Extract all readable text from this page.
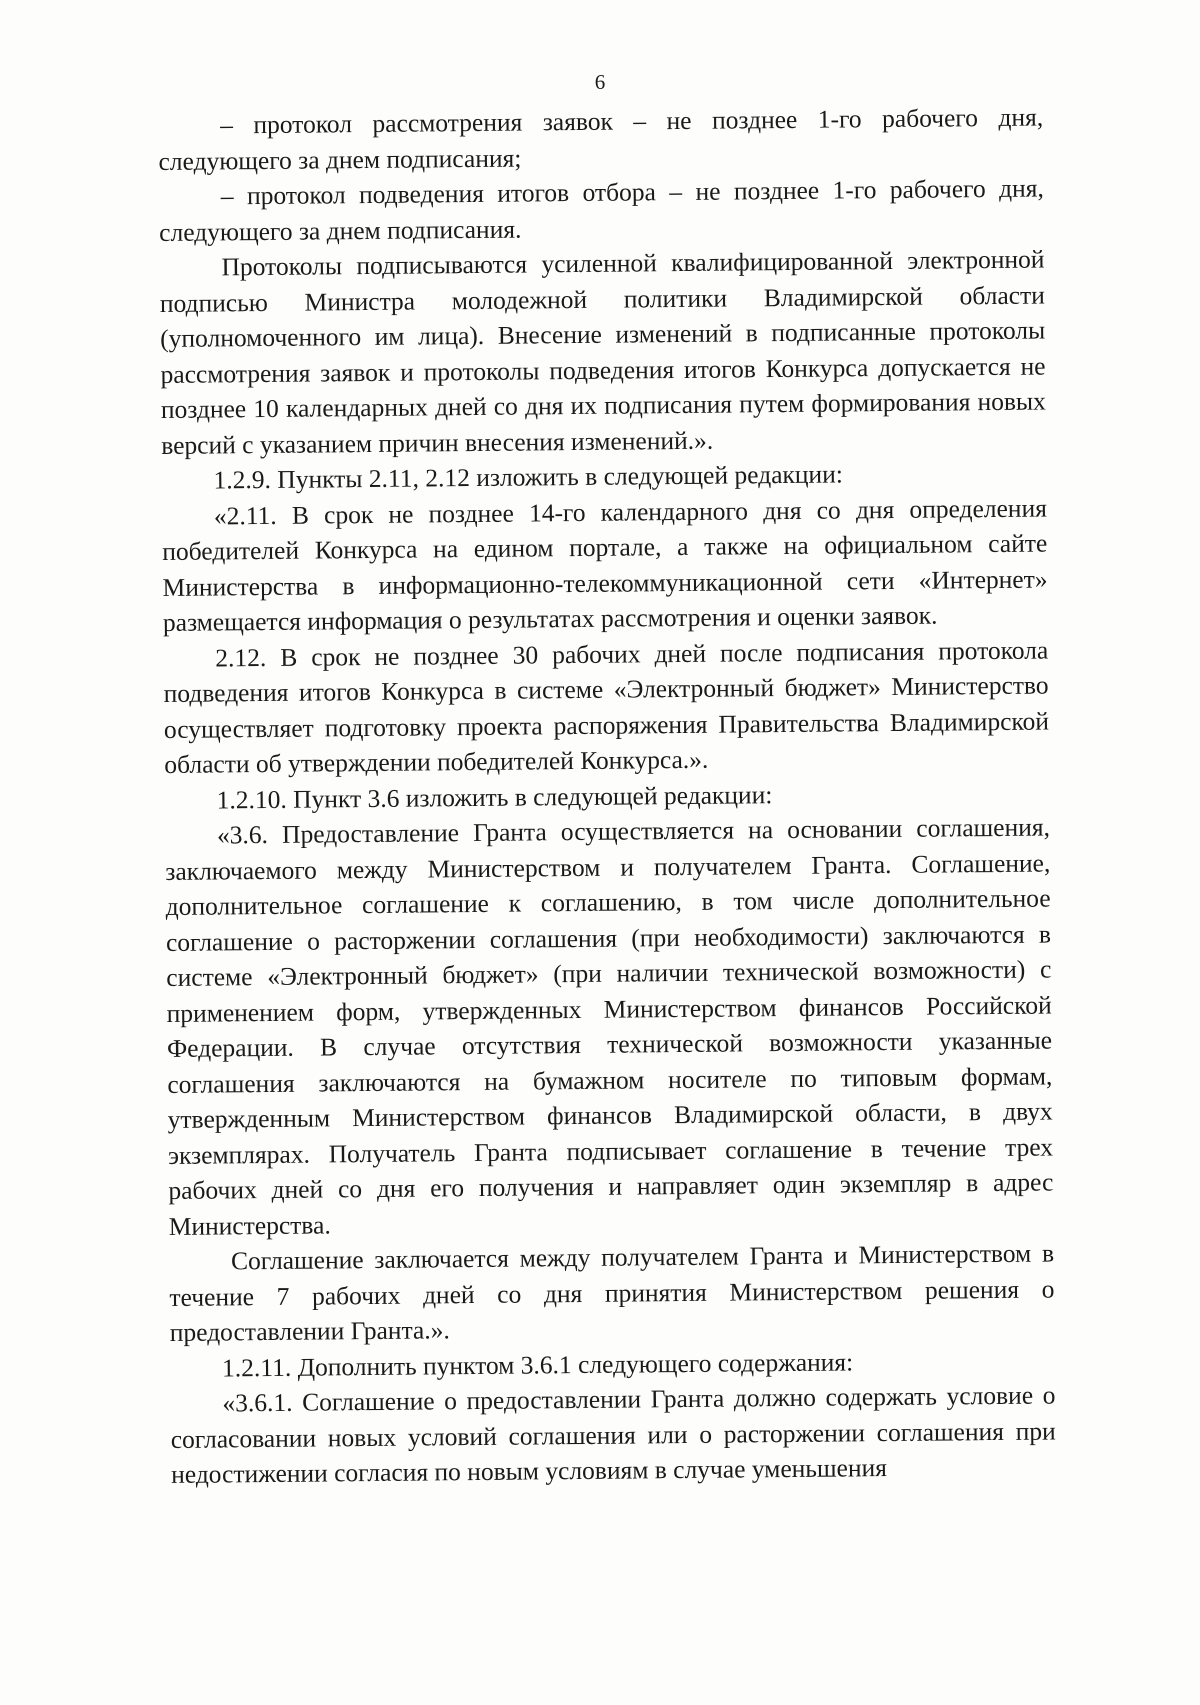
6

– протокол рассмотрения заявок – не позднее 1-го рабочего дня, следующего за днем подписания;

– протокол подведения итогов отбора – не позднее 1-го рабочего дня, следующего за днем подписания.

Протоколы подписываются усиленной квалифицированной электронной подписью Министра молодежной политики Владимирской области (уполномоченного им лица). Внесение изменений в подписанные протоколы рассмотрения заявок и протоколы подведения итогов Конкурса допускается не позднее 10 календарных дней со дня их подписания путем формирования новых версий с указанием причин внесения изменений.».

1.2.9. Пункты 2.11, 2.12 изложить в следующей редакции:

«2.11. В срок не позднее 14-го календарного дня со дня определения победителей Конкурса на едином портале, а также на официальном сайте Министерства в информационно-телекоммуникационной сети «Интернет» размещается информация о результатах рассмотрения и оценки заявок.

2.12. В срок не позднее 30 рабочих дней после подписания протокола подведения итогов Конкурса в системе «Электронный бюджет» Министерство осуществляет подготовку проекта распоряжения Правительства Владимирской области об утверждении победителей Конкурса.».

1.2.10. Пункт 3.6 изложить в следующей редакции:

«3.6. Предоставление Гранта осуществляется на основании соглашения, заключаемого между Министерством и получателем Гранта. Соглашение, дополнительное соглашение к соглашению, в том числе дополнительное соглашение о расторжении соглашения (при необходимости) заключаются в системе «Электронный бюджет» (при наличии технической возможности) с применением форм, утвержденных Министерством финансов Российской Федерации. В случае отсутствия технической возможности указанные соглашения заключаются на бумажном носителе по типовым формам, утвержденным Министерством финансов Владимирской области, в двух экземплярах. Получатель Гранта подписывает соглашение в течение трех рабочих дней со дня его получения и направляет один экземпляр в адрес Министерства.

Соглашение заключается между получателем Гранта и Министерством в течение 7 рабочих дней со дня принятия Министерством решения о предоставлении Гранта.».

1.2.11. Дополнить пунктом 3.6.1 следующего содержания:

«3.6.1. Соглашение о предоставлении Гранта должно содержать условие о согласовании новых условий соглашения или о расторжении соглашения при недостижении согласия по новым условиям в случае уменьшения
